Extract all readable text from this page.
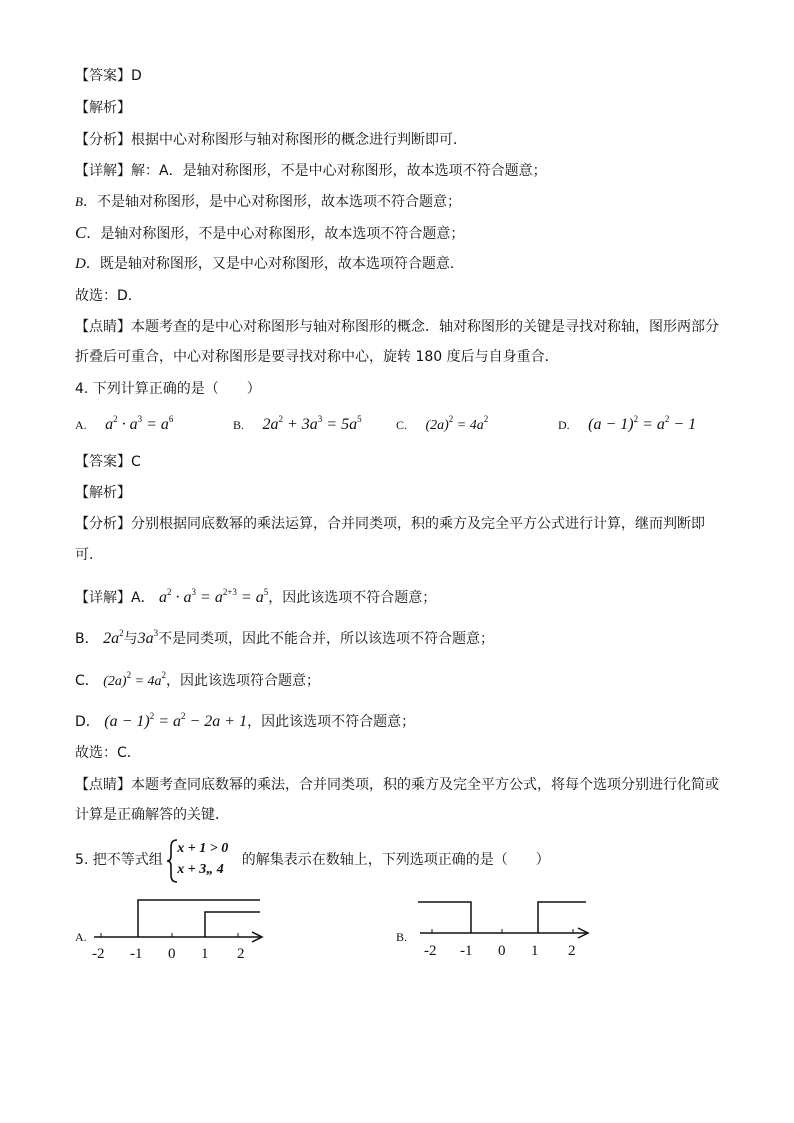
【答案】D
【解析】
【分析】根据中心对称图形与轴对称图形的概念进行判断即可．
【详解】解：A．是轴对称图形，不是中心对称图形，故本选项不符合题意；
B．不是轴对称图形，是中心对称图形，故本选项不符合题意；
C．是轴对称图形，不是中心对称图形，故本选项不符合题意；
D．既是轴对称图形，又是中心对称图形，故本选项符合题意．
故选：D．
【点睛】本题考查的是中心对称图形与轴对称图形的概念．轴对称图形的关键是寻找对称轴，图形两部分
折叠后可重合，中心对称图形是要寻找对称中心，旋转 180 度后与自身重合．
4. 下列计算正确的是（　　）
A. $a^2 \cdot a^3 = a^6$	B. $2a^2 + 3a^3 = 5a^5$	C. $(2a)^2 = 4a^2$	D. $(a - 1)^2 = a^2 - 1$
【答案】C
【解析】
【分析】分别根据同底数幂的乘法运算，合并同类项，积的乘方及完全平方公式进行计算，继而判断即
可．
【详解】A． $a^2 \cdot a^3 = a^{2+3} = a^5$，因此该选项不符合题意；
B． $2a^2$与$3a^3$不是同类项，因此不能合并，所以该选项不符合题意；
C． $(2a)^2 = 4a^2$，因此该选项符合题意；
D． $(a - 1)^2 = a^2 - 2a + 1$，因此该选项不符合题意；
故选：C．
【点睛】本题考查同底数幂的乘法，合并同类项，积的乘方及完全平方公式，将每个选项分别进行化简或
计算是正确解答的关键．
5. 把不等式组
x + 1 > 0
x + 3„ 4
的解集表示在数轴上，下列选项正确的是（　　）
A.
-2 -1 0 1 2
B.
-2 -1 0 1 2
